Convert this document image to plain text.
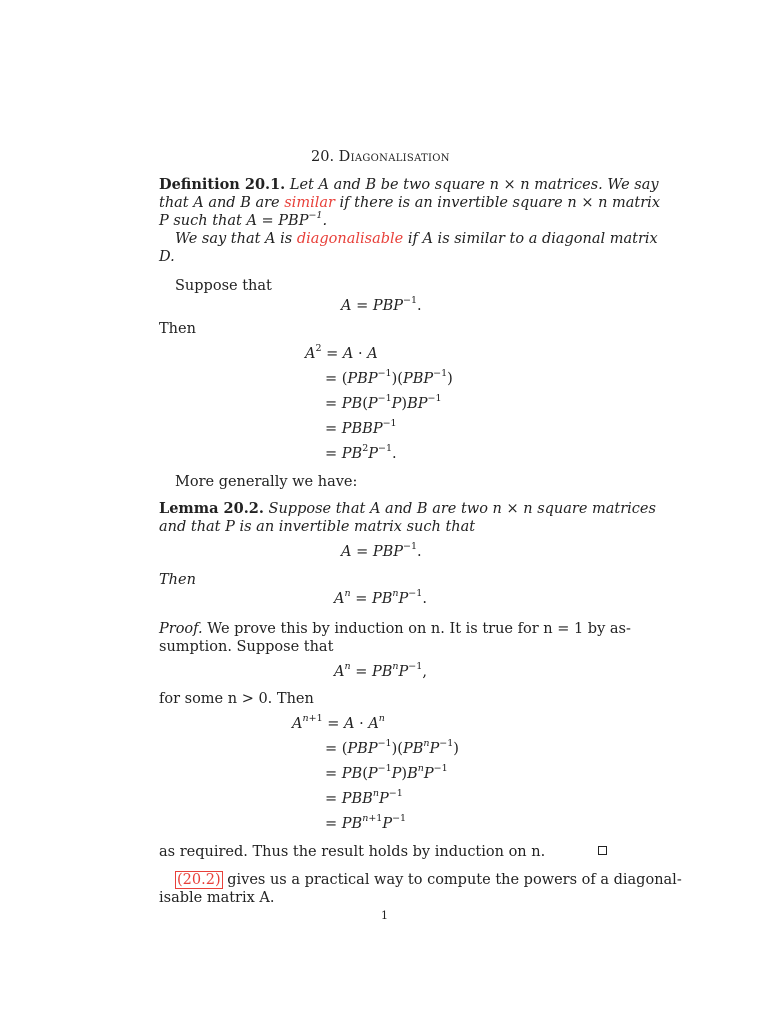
20. Diagonalisation
Definition 20.1. Let A and B be two square n × n matrices. We say
that A and B are similar if there is an invertible square n × n matrix
P such that $A = PBP^{-1}$.
We say that A is diagonalisable if A is similar to a diagonal matrix
D.
Suppose that
$A = PBP^{-1}$.
Then
$A^2 = A \cdot A$
= $(PBP^{-1})(PBP^{-1})$
= $PB(P^{-1}P)BP^{-1}$
= $PBBP^{-1}$
= $PB^2P^{-1}$.
More generally we have:
Lemma 20.2. Suppose that A and B are two n × n square matrices
and that P is an invertible matrix such that
$A = PBP^{-1}$.
Then
$A^n = PB^nP^{-1}$.
Proof. We prove this by induction on n. It is true for n = 1 by as-
sumption. Suppose that
$A^n = PB^nP^{-1}$,
for some n > 0. Then
$A^{n+1} = A \cdot A^n$
= $(PBP^{-1})(PB^nP^{-1})$
= $PB(P^{-1}P)B^nP^{-1}$
= $PBB^nP^{-1}$
= $PB^{n+1}P^{-1}$
as required. Thus the result holds by induction on n.
(20.2) gives us a practical way to compute the powers of a diagonal-
isable matrix A.
1
